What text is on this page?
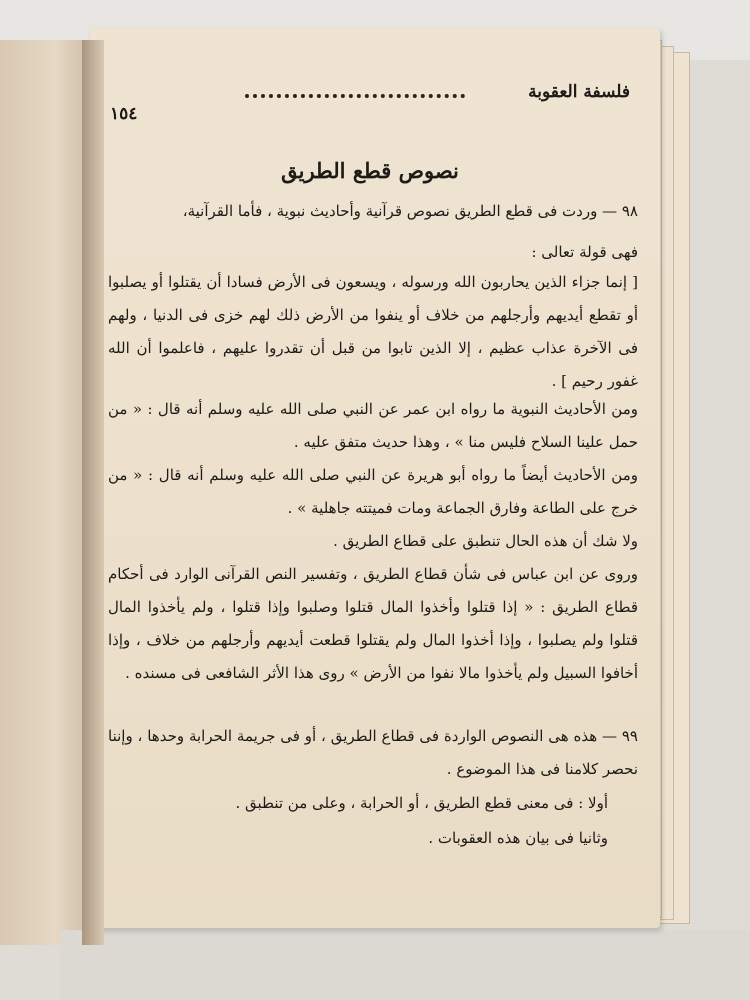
فلسفة العقوبة
١٥٤
نصوص قطع الطريق
٩٨ — وردت فى قطع الطريق نصوص قرآنية وأحاديث نبوية ، فأما القرآنية،
فهى قولة تعالى :
[ إنما جزاء الذين يحاربون الله ورسوله ، ويسعون فى الأرض فسادا أن يقتلوا أو يصلبوا أو تقطع أيديهم وأرجلهم من خلاف أو ينفوا من الأرض ذلك لهم خزى فى الدنيا ، ولهم فى الآخرة عذاب عظيم ، إلا الذين تابوا من قبل أن تقدروا عليهم ، فاعلموا أن الله غفور رحيم ] .
ومن الأحاديث النبوية ما رواه ابن عمر عن النبي صلى الله عليه وسلم أنه قال : « من حمل علينا السلاح فليس منا » ، وهذا حديث متفق عليه .
ومن الأحاديث أيضاً ما رواه أبو هريرة عن النبي صلى الله عليه وسلم أنه قال : « من خرج على الطاعة وفارق الجماعة ومات فميتته جاهلية » .
ولا شك أن هذه الحال تنطبق على قطاع الطريق .
وروى عن ابن عباس فى شأن قطاع الطريق ، وتفسير النص القرآنى الوارد فى أحكام قطاع الطريق : « إذا قتلوا وأخذوا المال قتلوا وصلبوا وإذا قتلوا ، ولم يأخذوا المال قتلوا ولم يصلبوا ، وإذا أخذوا المال ولم يقتلوا قطعت أيديهم وأرجلهم من خلاف ، وإذا أخافوا السبيل ولم يأخذوا مالا نفوا من الأرض » روى هذا الأثر الشافعى فى مسنده .
٩٩ — هذه هى النصوص الواردة فى قطاع الطريق ، أو فى جريمة الحرابة وحدها ، وإننا نحصر كلامنا فى هذا الموضوع .
أولا : فى معنى قطع الطريق ، أو الحرابة ، وعلى من تنطبق .
وثانيا فى بيان هذه العقوبات .
